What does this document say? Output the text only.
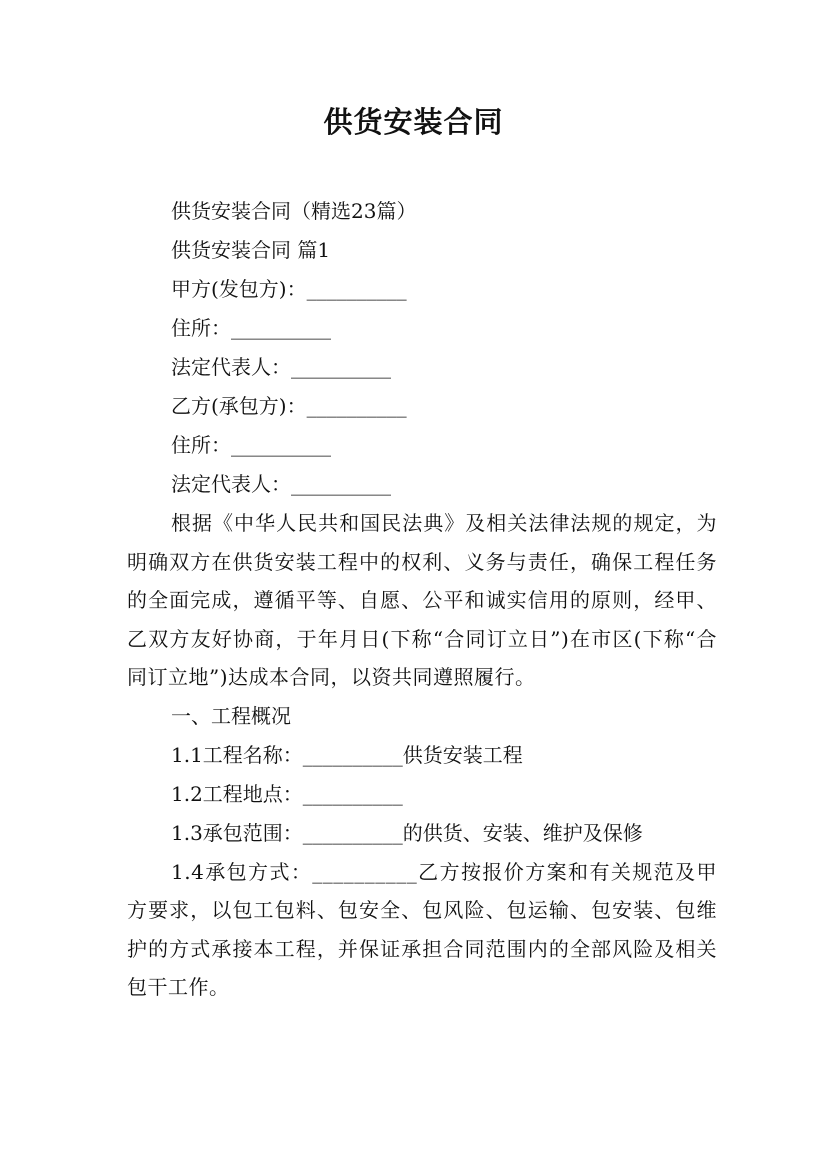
供货安装合同
供货安装合同（精选23篇）
供货安装合同 篇1
甲方(发包方)：__________
住所：__________
法定代表人：__________
乙方(承包方)：__________
住所：__________
法定代表人：__________
根据《中华人民共和国民法典》及相关法律法规的规定，为明确双方在供货安装工程中的权利、义务与责任，确保工程任务的全面完成，遵循平等、自愿、公平和诚实信用的原则，经甲、乙双方友好协商，于年月日(下称“合同订立日”)在市区(下称“合同订立地”)达成本合同，以资共同遵照履行。
一、工程概况
1.1工程名称：__________供货安装工程
1.2工程地点：__________
1.3承包范围：__________的供货、安装、维护及保修
1.4承包方式：__________乙方按报价方案和有关规范及甲方要求，以包工包料、包安全、包风险、包运输、包安装、包维护的方式承接本工程，并保证承担合同范围内的全部风险及相关包干工作。
